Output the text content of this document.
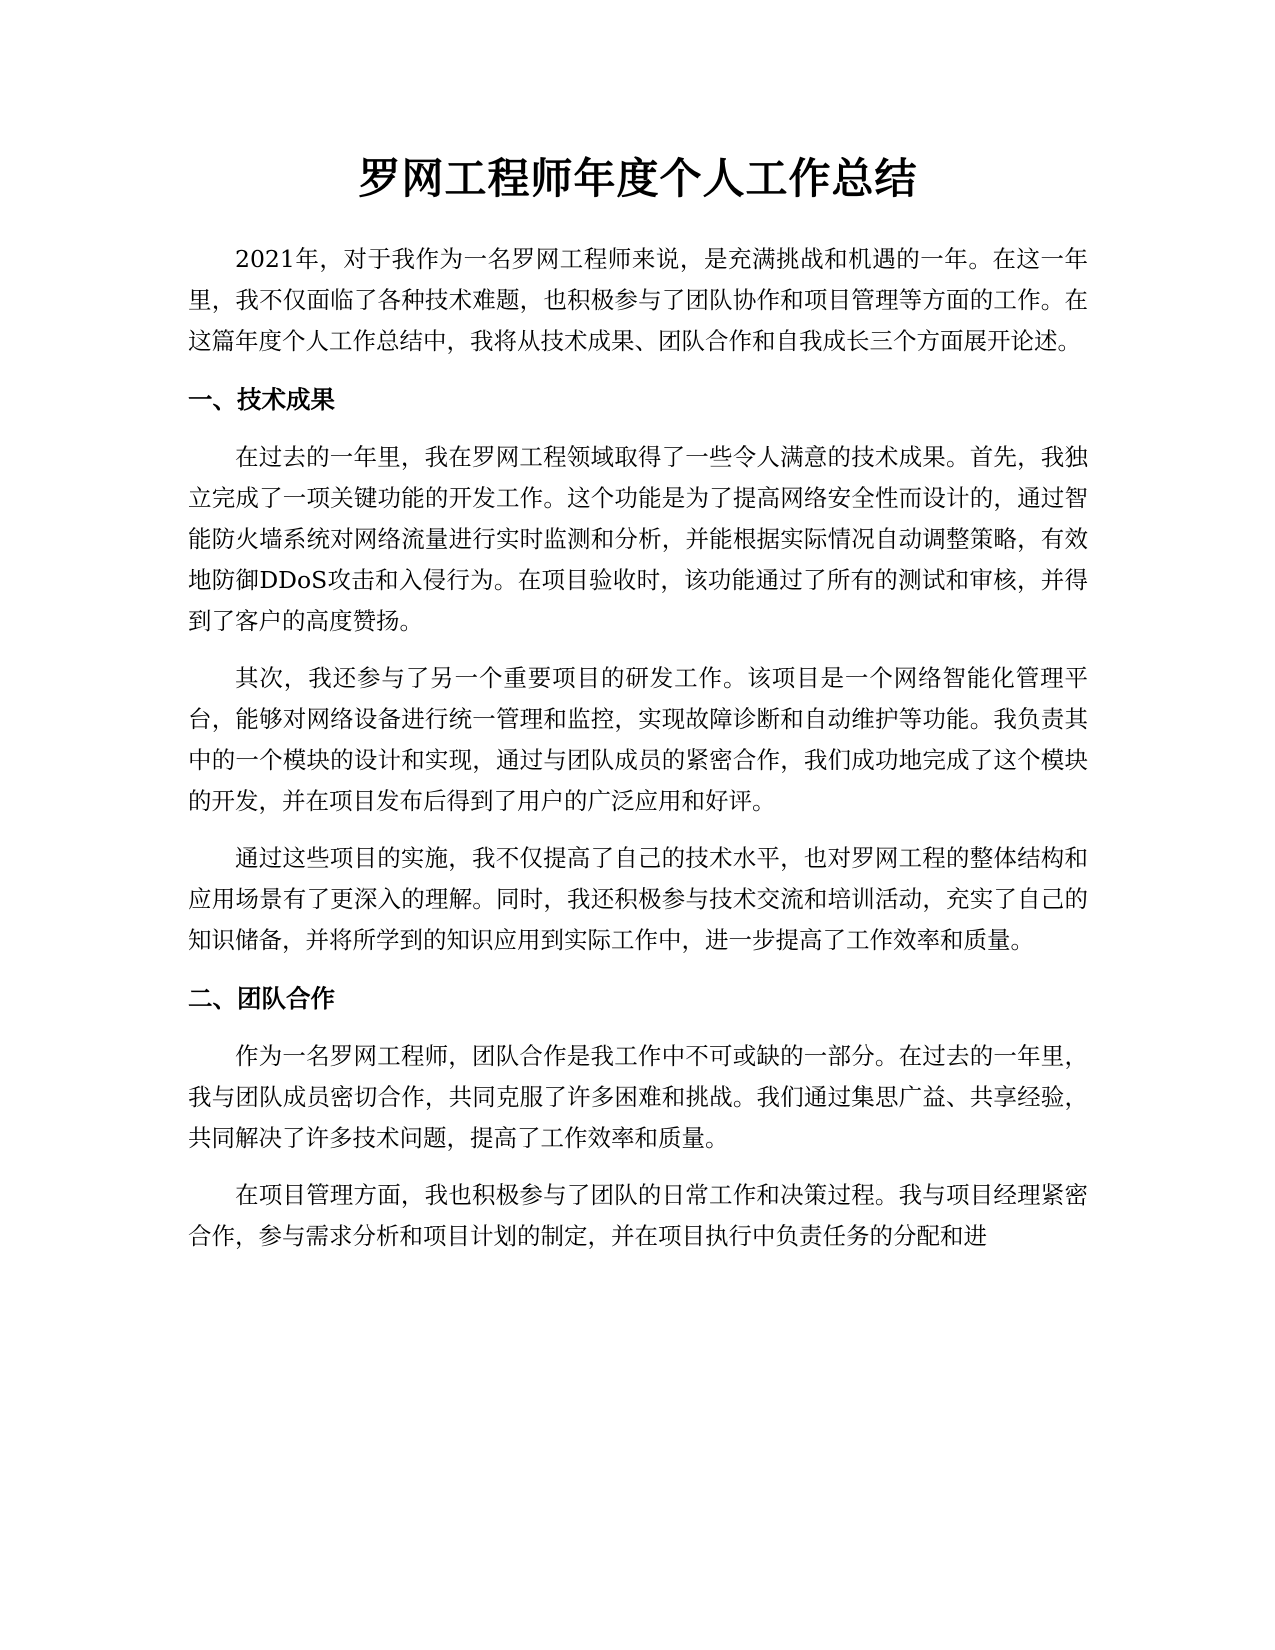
罗网工程师年度个人工作总结

2021年，对于我作为一名罗网工程师来说，是充满挑战和机遇的一年。在这一年里，我不仅面临了各种技术难题，也积极参与了团队协作和项目管理等方面的工作。在这篇年度个人工作总结中，我将从技术成果、团队合作和自我成长三个方面展开论述。

一、技术成果

在过去的一年里，我在罗网工程领域取得了一些令人满意的技术成果。首先，我独立完成了一项关键功能的开发工作。这个功能是为了提高网络安全性而设计的，通过智能防火墙系统对网络流量进行实时监测和分析，并能根据实际情况自动调整策略，有效地防御DDoS攻击和入侵行为。在项目验收时，该功能通过了所有的测试和审核，并得到了客户的高度赞扬。

其次，我还参与了另一个重要项目的研发工作。该项目是一个网络智能化管理平台，能够对网络设备进行统一管理和监控，实现故障诊断和自动维护等功能。我负责其中的一个模块的设计和实现，通过与团队成员的紧密合作，我们成功地完成了这个模块的开发，并在项目发布后得到了用户的广泛应用和好评。

通过这些项目的实施，我不仅提高了自己的技术水平，也对罗网工程的整体结构和应用场景有了更深入的理解。同时，我还积极参与技术交流和培训活动，充实了自己的知识储备，并将所学到的知识应用到实际工作中，进一步提高了工作效率和质量。

二、团队合作

作为一名罗网工程师，团队合作是我工作中不可或缺的一部分。在过去的一年里，我与团队成员密切合作，共同克服了许多困难和挑战。我们通过集思广益、共享经验，共同解决了许多技术问题，提高了工作效率和质量。

在项目管理方面，我也积极参与了团队的日常工作和决策过程。我与项目经理紧密合作，参与需求分析和项目计划的制定，并在项目执行中负责任务的分配和进
